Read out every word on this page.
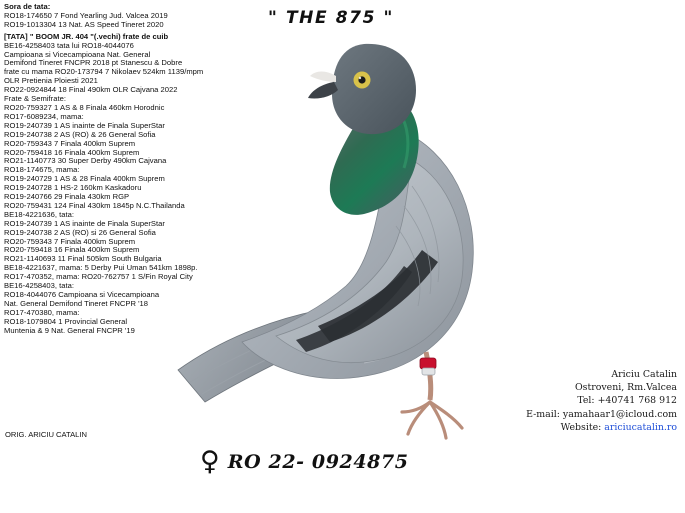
Sora de tata:
RO18-174650 7 Fond Yearling Jud. Valcea 2019
RO19-1013304 13 Nat. AS Speed Tineret 2020
[TATA] " BOOM JR. 404 "(.vechi) frate de cuib
BE16-4258403 tata lui RO18-4044076
Campioana si Vicecampioana Nat. General
Demifond Tineret FNCPR 2018 pt Stanescu & Dobre
frate cu mama RO20-173794 7 Nikolaev 524km 1139/mpm
OLR Pretienia Ploiesti 2021
RO22-0924844 18 Final 490km OLR Cajvana 2022
Frate & Semifrate:
RO20-759327 1 AS & 8 Finala 460km Horodnic
RO17-6089234, mama:
RO19-240739 1 AS inainte de Finala SuperStar
RO19-240738 2 AS (RO) & 26 General Sofia
RO20-759343 7 Finala 400km Suprem
RO20-759418 16 Finala 400km Suprem
RO21-1140773 30 Super Derby 490km Cajvana
RO18-174675, mama:
RO19-240729 1 AS & 28 Finala 400km Suprem
RO19-240728 1 HS-2 160km Kaskadoru
RO19-240766 29 Finala 430km RGP
RO20-759431 124 Final 430km 1845p N.C.Thailanda
BE18-4221636, tata:
RO19-240739 1 AS inainte de Finala SuperStar
RO19-240738 2 AS (RO) si 26 General Sofia
RO20-759343 7 Finala 400km Suprem
RO20-759418 16 Finala 400km Suprem
RO21-1140693 11 Final 505km South Bulgaria
BE18-4221637, mama: 5 Derby Pui Uman 541km 1898p.
RO17-470352, mama: RO20-762757 1 S/Fin Royal City
BE16-4258403, tata:
RO18-4044076 Campioana si Vicecampioana
Nat. General Demifond Tineret FNCPR '18
RO17-470380, mama:
RO18-1079804 1 Provincial General
Muntenia & 9 Nat. General FNCPR '19
" THE 875 "
♀ RO 22- 0924875
ORIG. ARICIU CATALIN
Ariciu Catalin
Ostroveni, Rm.Valcea
Tel: +40741 768 912
E-mail: yamahaar1@icloud.com
Website: ariciucatalin.ro
